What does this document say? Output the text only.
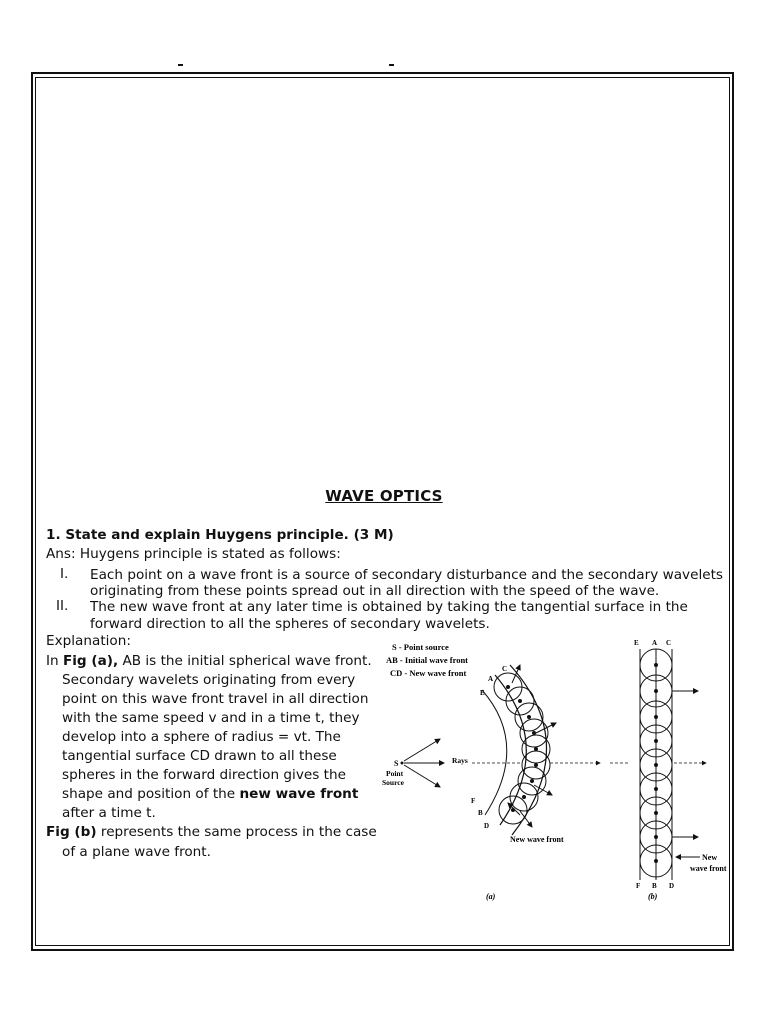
WAVE OPTICS
1. State and explain Huygens principle. (3 M)
Ans: Huygens principle is stated as follows:
I. Each point on a wave front is a source of secondary disturbance and the secondary wavelets
originating from these points spread out in all direction with the speed of the wave.
II. The new wave front at any later time is obtained by taking the tangential surface in the
forward direction to all the spheres of secondary wavelets.
Explanation:
In Fig (a), AB is the initial spherical wave front.
Secondary wavelets originating from every
point on this wave front travel in all direction
with the same speed v and in a time t, they
develop into a sphere of radius = vt. The
tangential surface CD drawn to all these
spheres in the forward direction gives the
shape and position of the new wave front
after a time t.
Fig (b) represents the same process in the case
of a plane wave front.
S - Point source
AB - Initial wave front
CD - New wave front
S
Point
Source
Rays
C
A
E
F
B
D
New wave front
(a)
E A C
New
wave front
F B D
(b)
